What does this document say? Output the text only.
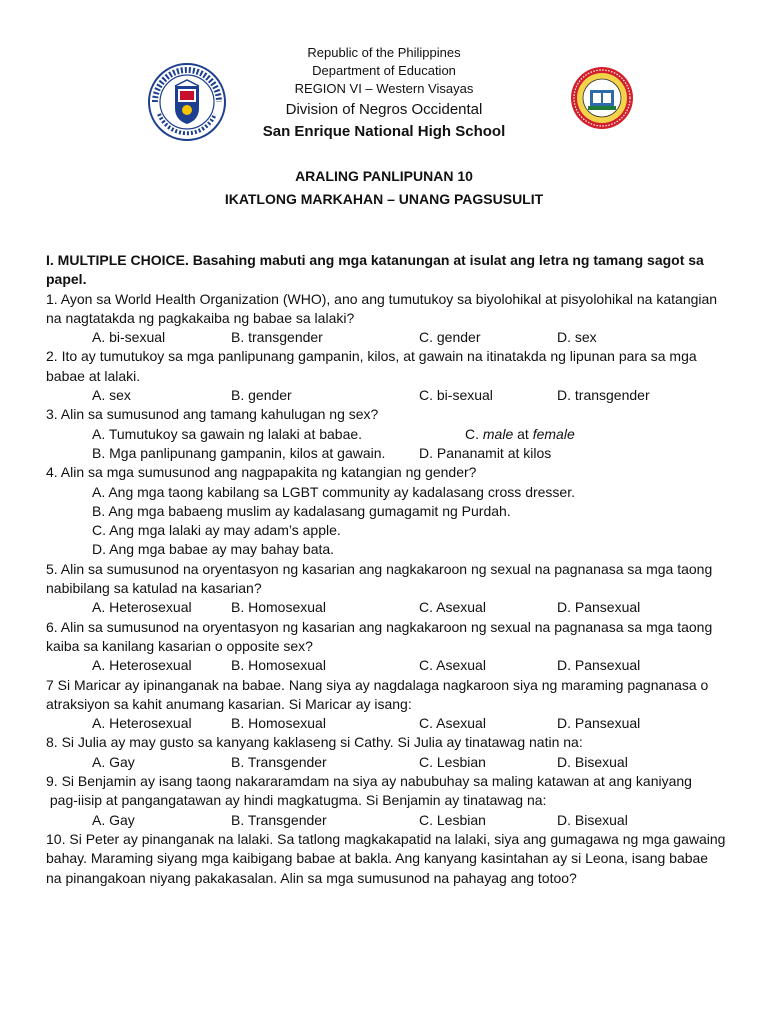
Republic of the Philippines
Department of Education
REGION VI – Western Visayas
Division of Negros Occidental
San Enrique National High School
ARALING PANLIPUNAN 10
IKATLONG MARKAHAN – UNANG PAGSUSULIT

I. MULTIPLE CHOICE. Basahing mabuti ang mga katanungan at isulat ang letra ng tamang sagot sa papel.

1. Ayon sa World Health Organization (WHO), ano ang tumutukoy sa biyolohikal at pisyolohikal na katangian na nagtatakda ng pagkakaiba ng babae sa lalaki?

A. bi-sexual	B. transgender	C. gender	D. sex

2. Ito ay tumutukoy sa mga panlipunang gampanin, kilos, at gawain na itinatakda ng lipunan para sa mga babae at lalaki.

A. sex	B. gender	C. bi-sexual	D. transgender

3. Alin sa sumusunod ang tamang kahulugan ng sex?

A. Tumutukoy sa gawain ng lalaki at babae.	C. male at female
B. Mga panlipunang gampanin, kilos at gawain. D. Pananamit at kilos

4. Alin sa mga sumusunod ang nagpapakita ng katangian ng gender?

A. Ang mga taong kabilang sa LGBT community ay kadalasang cross dresser.

B. Ang mga babaeng muslim ay kadalasang gumagamit ng Purdah.

C. Ang mga lalaki ay may adam’s apple.

D. Ang mga babae ay may bahay bata.

5. Alin sa sumusunod na oryentasyon ng kasarian ang nagkakaroon ng sexual na pagnanasa sa mga taong

nabibilang sa katulad na kasarian?

A. Heterosexual	B. Homosexual	C. Asexual	D. Pansexual

6. Alin sa sumusunod na oryentasyon ng kasarian ang nagkakaroon ng sexual na pagnanasa sa mga taong kaiba sa kanilang kasarian o opposite sex?

A. Heterosexual	B. Homosexual	C. Asexual	D. Pansexual

7 Si Maricar ay ipinanganak na babae. Nang siya ay nagdalaga nagkaroon siya ng maraming pagnanasa o atraksiyon sa kahit anumang kasarian. Si Maricar ay isang:

A. Heterosexual	B. Homosexual	C. Asexual	D. Pansexual

8. Si Julia ay may gusto sa kanyang kaklaseng si Cathy. Si Julia ay tinatawag natin na:

A. Gay	B. Transgender	C. Lesbian	D. Bisexual

9. Si Benjamin ay isang taong nakararamdam na siya ay nabubuhay sa maling katawan at ang kaniyang

pag-iisip at pangangatawan ay hindi magkatugma. Si Benjamin ay tinatawag na:

A. Gay	B. Transgender	C. Lesbian	D. Bisexual

10. Si Peter ay pinanganak na lalaki. Sa tatlong magkakapatid na lalaki, siya ang gumagawa ng mga gawaing bahay. Maraming siyang mga kaibigang babae at bakla. Ang kanyang kasintahan ay si Leona, isang babae na pinangakoan niyang pakakasalan. Alin sa mga sumusunod na pahayag ang totoo?
